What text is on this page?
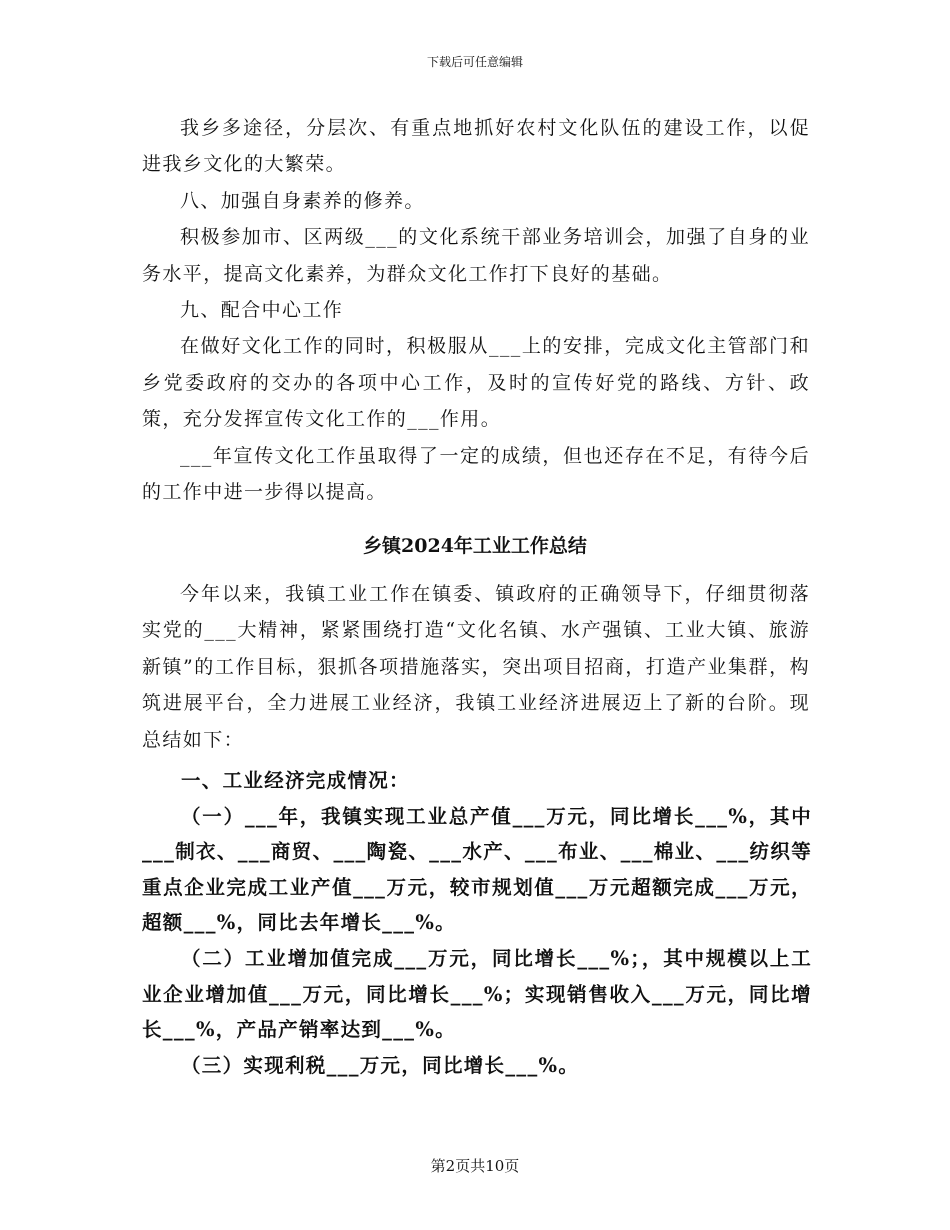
下载后可任意编辑

我乡多途径，分层次、有重点地抓好农村文化队伍的建设工作，以促进我乡文化的大繁荣。

八、加强自身素养的修养。

积极参加市、区两级___的文化系统干部业务培训会，加强了自身的业务水平，提高文化素养，为群众文化工作打下良好的基础。

九、配合中心工作

在做好文化工作的同时，积极服从___上的安排，完成文化主管部门和乡党委政府的交办的各项中心工作，及时的宣传好党的路线、方针、政策，充分发挥宣传文化工作的___作用。

___年宣传文化工作虽取得了一定的成绩，但也还存在不足，有待今后的工作中进一步得以提高。

乡镇2024年工业工作总结

今年以来，我镇工业工作在镇委、镇政府的正确领导下，仔细贯彻落实党的___大精神，紧紧围绕打造“文化名镇、水产强镇、工业大镇、旅游新镇”的工作目标，狠抓各项措施落实，突出项目招商，打造产业集群，构筑进展平台，全力进展工业经济，我镇工业经济进展迈上了新的台阶。现总结如下：

一、工业经济完成情况：

（一）___年，我镇实现工业总产值___万元，同比增长___%，其中___制衣、___商贸、___陶瓷、___水产、___布业、___棉业、___纺织等重点企业完成工业产值___万元，较市规划值___万元超额完成___万元，超额___%，同比去年增长___%。

（二）工业增加值完成___万元，同比增长___%；，其中规模以上工业企业增加值___万元，同比增长___%；实现销售收入___万元，同比增长___%，产品产销率达到___%。

（三）实现利税___万元，同比增长___%。

第2页共10页
